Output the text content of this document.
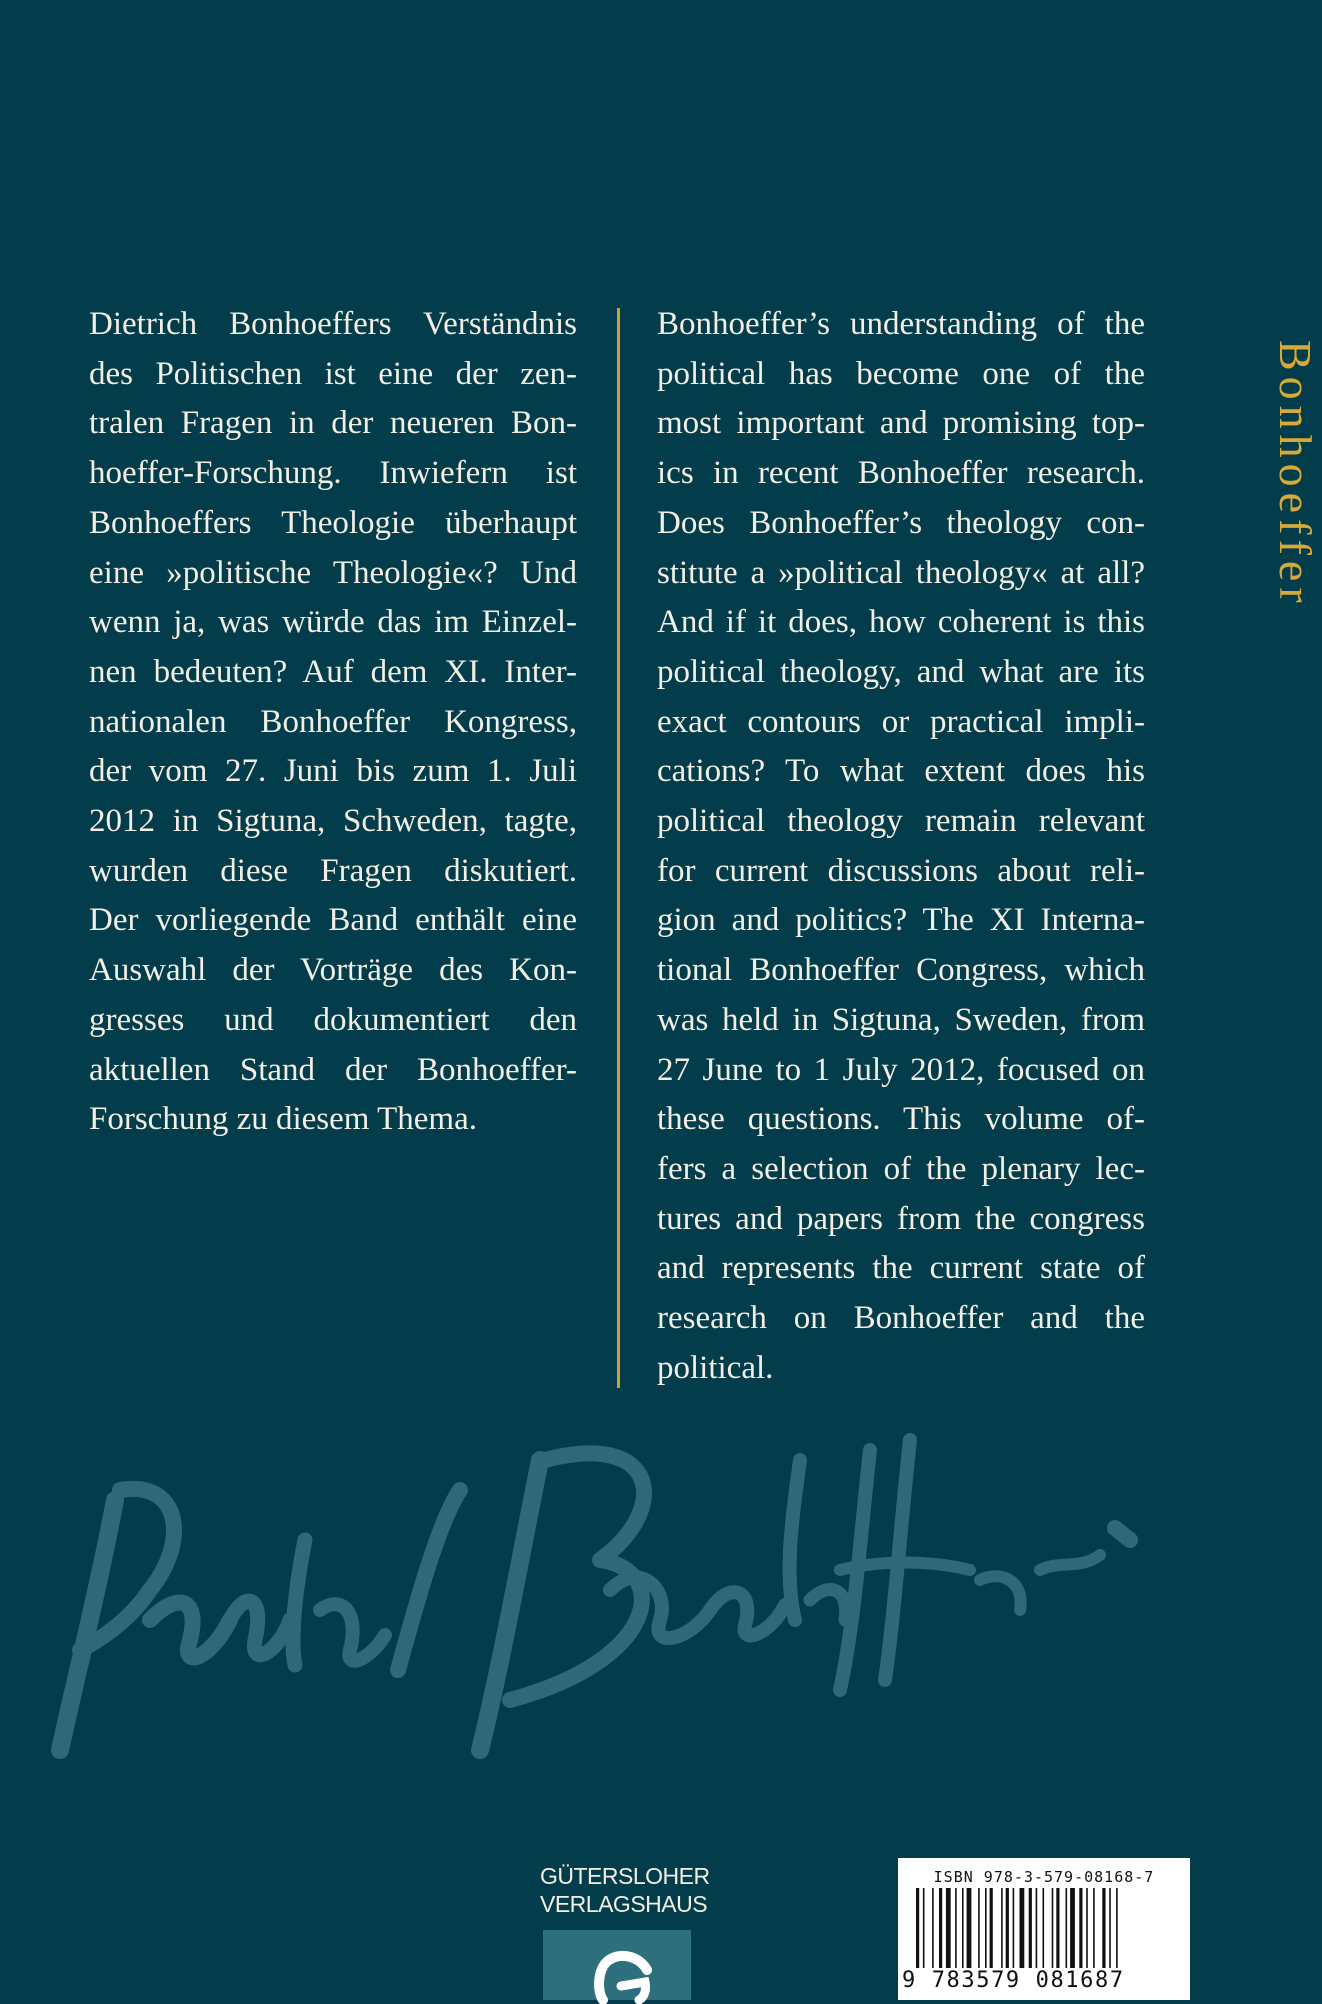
Dietrich Bonhoeffers Verständnis
des Politischen ist eine der zen-
tralen Fragen in der neueren Bon-
hoeffer-Forschung. Inwiefern ist
Bonhoeffers Theologie überhaupt
eine »politische Theologie«? Und
wenn ja, was würde das im Einzel-
nen bedeuten? Auf dem XI. Inter-
nationalen Bonhoeffer Kongress,
der vom 27. Juni bis zum 1. Juli
2012 in Sigtuna, Schweden, tagte,
wurden diese Fragen diskutiert.
Der vorliegende Band enthält eine
Auswahl der Vorträge des Kon-
gresses und dokumentiert den
aktuellen Stand der Bonhoeffer-
Forschung zu diesem Thema.
Bonhoeffer’s understanding of the
political has become one of the
most important and promising top-
ics in recent Bonhoeffer research.
Does Bonhoeffer’s theology con-
stitute a »political theology« at all?
And if it does, how coherent is this
political theology, and what are its
exact contours or practical impli-
cations? To what extent does his
political theology remain relevant
for current discussions about reli-
gion and politics? The XI Interna-
tional Bonhoeffer Congress, which
was held in Sigtuna, Sweden, from
27 June to 1 July 2012, focused on
these questions. This volume of-
fers a selection of the plenary lec-
tures and papers from the congress
and represents the current state of
research on Bonhoeffer and the
political.
Bonhoeffer
GÜTERSLOHER
VERLAGSHAUS
ISBN 978-3-579-08168-7
9 783579 081687
